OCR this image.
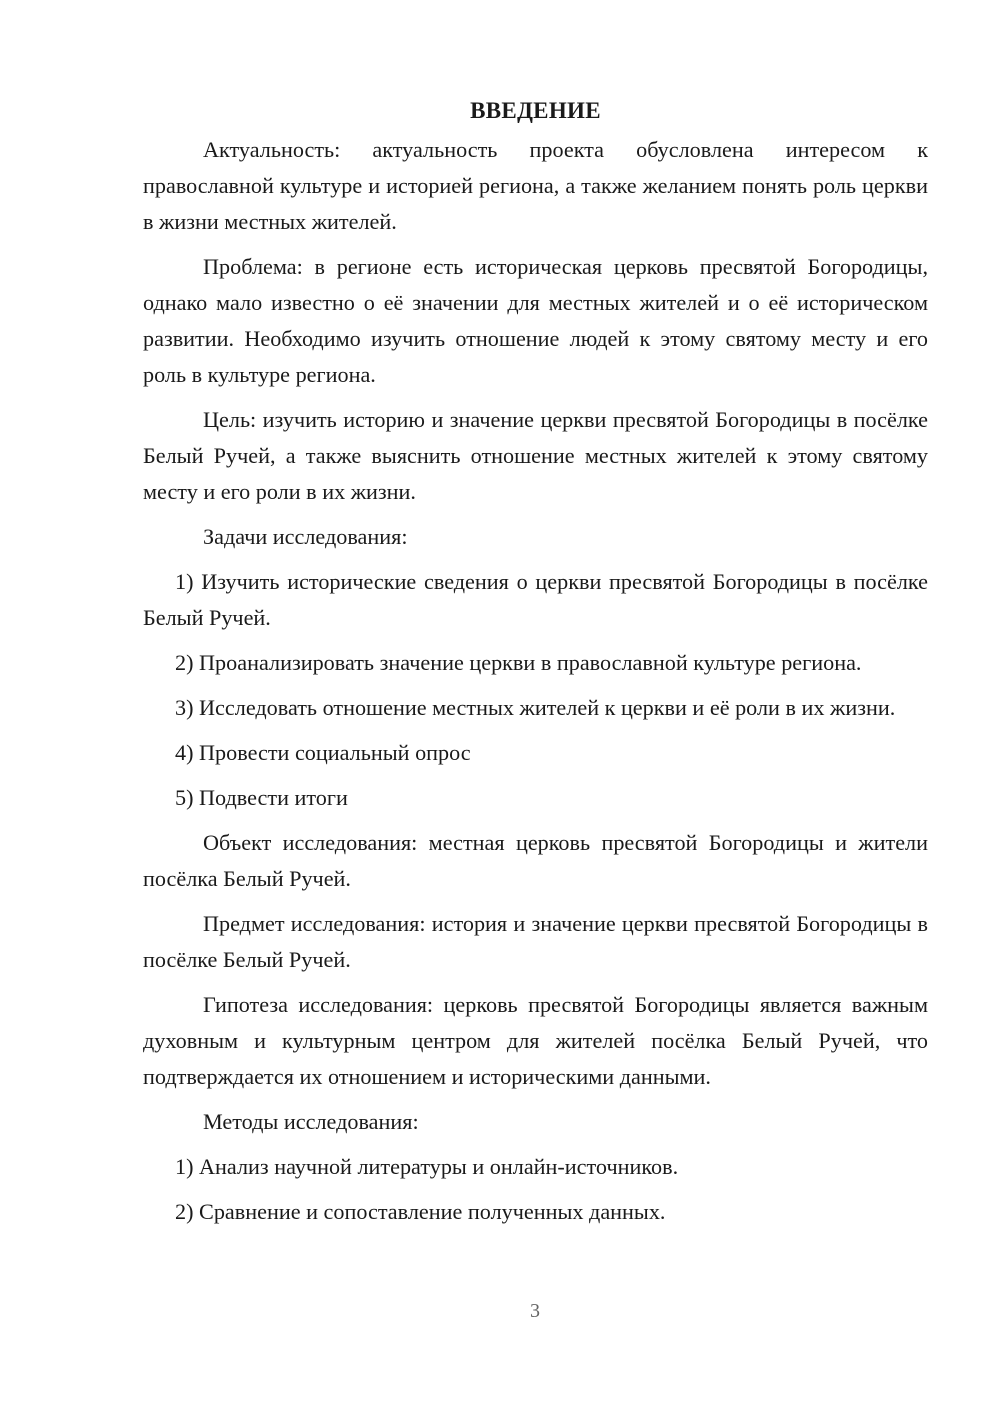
ВВЕДЕНИЕ

Актуальность: актуальность проекта обусловлена интересом к православной культуре и историей региона, а также желанием понять роль церкви в жизни местных жителей.

Проблема: в регионе есть историческая церковь пресвятой Богородицы, однако мало известно о её значении для местных жителей и о её историческом развитии. Необходимо изучить отношение людей к этому святому месту и его роль в культуре региона.

Цель: изучить историю и значение церкви пресвятой Богородицы в посёлке Белый Ручей, а также выяснить отношение местных жителей к этому святому месту и его роли в их жизни.

Задачи исследования:

1) Изучить исторические сведения о церкви пресвятой Богородицы в посёлке Белый Ручей.

2) Проанализировать значение церкви в православной культуре региона.

3) Исследовать отношение местных жителей к церкви и её роли в их жизни.

4) Провести социальный опрос

5) Подвести итоги

Объект исследования: местная церковь пресвятой Богородицы и жители посёлка Белый Ручей.

Предмет исследования: история и значение церкви пресвятой Богородицы в посёлке Белый Ручей.

Гипотеза исследования: церковь пресвятой Богородицы является важным духовным и культурным центром для жителей посёлка Белый Ручей, что подтверждается их отношением и историческими данными.

Методы исследования:

1) Анализ научной литературы и онлайн-источников.

2) Сравнение и сопоставление полученных данных.

3
